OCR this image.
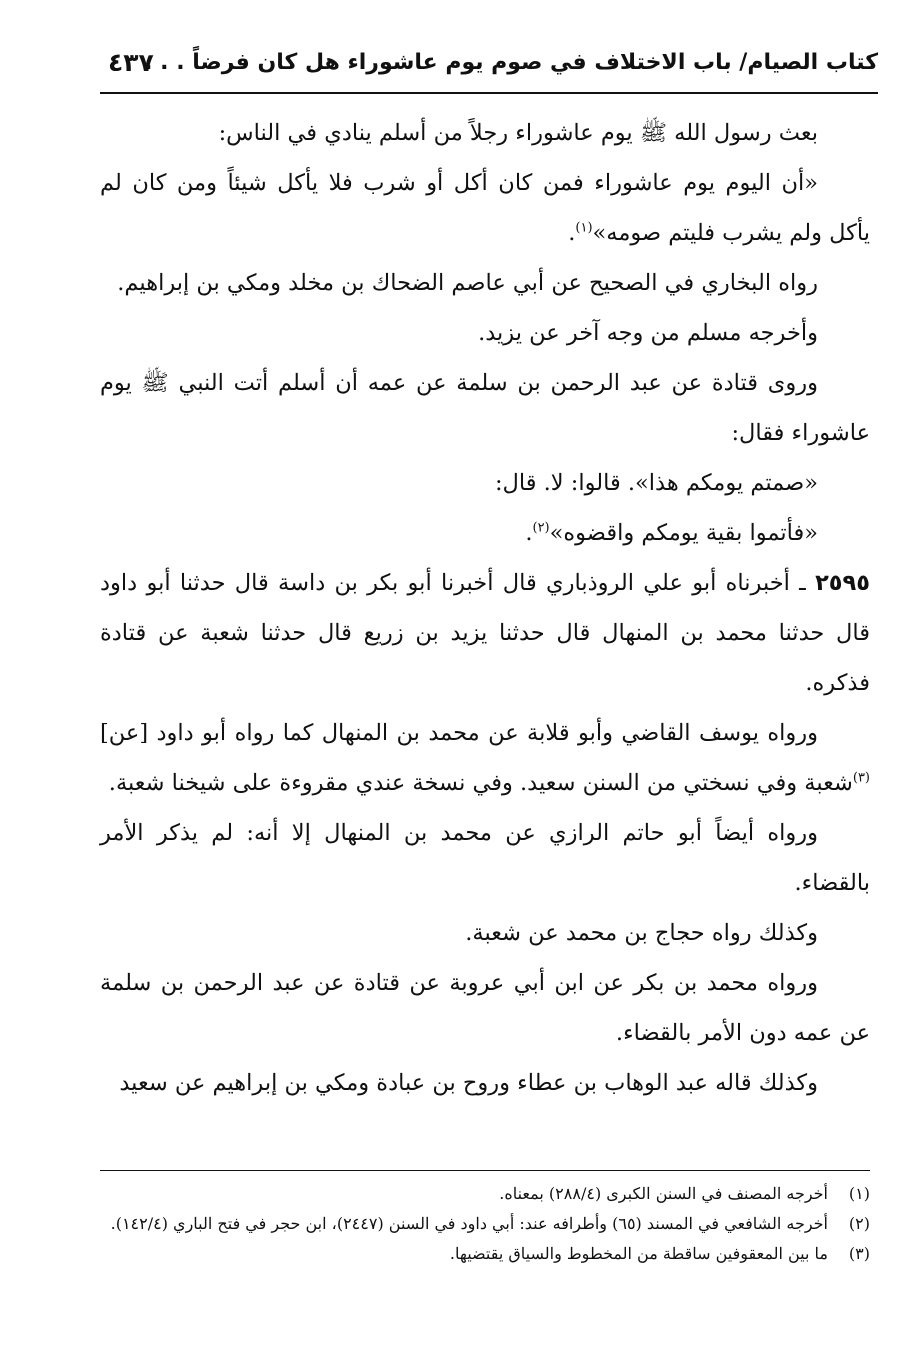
كتاب الصيام/ باب الاختلاف في صوم يوم عاشوراء هل كان فرضاً . . .
٤٣٧

بعث رسول الله ﷺ يوم عاشوراء رجلاً من أسلم ينادي في الناس:

«أن اليوم يوم عاشوراء فمن كان أكل أو شرب فلا يأكل شيئاً ومن كان لم يأكل ولم يشرب فليتم صومه»$^{(١)}$.

رواه البخاري في الصحيح عن أبي عاصم الضحاك بن مخلد ومكي بن إبراهيم.

وأخرجه مسلم من وجه آخر عن يزيد.

وروى قتادة عن عبد الرحمن بن سلمة عن عمه أن أسلم أتت النبي ﷺ يوم عاشوراء فقال:

«صمتم يومكم هذا». قالوا: لا. قال:

«فأتموا بقية يومكم واقضوه»$^{(٢)}$.

٢٥٩٥ ـ أخبرناه أبو علي الروذباري قال أخبرنا أبو بكر بن داسة قال حدثنا أبو داود قال حدثنا محمد بن المنهال قال حدثنا يزيد بن زريع قال حدثنا شعبة عن قتادة فذكره.

ورواه يوسف القاضي وأبو قلابة عن محمد بن المنهال كما رواه أبو داود [عن]$^{(٣)}$شعبة وفي نسختي من السنن سعيد. وفي نسخة عندي مقروءة على شيخنا شعبة.

ورواه أيضاً أبو حاتم الرازي عن محمد بن المنهال إلا أنه: لم يذكر الأمر بالقضاء.

وكذلك رواه حجاج بن محمد عن شعبة.

ورواه محمد بن بكر عن ابن أبي عروبة عن قتادة عن عبد الرحمن بن سلمة عن عمه دون الأمر بالقضاء.

وكذلك قاله عبد الوهاب بن عطاء وروح بن عبادة ومكي بن إبراهيم عن سعيد

(١)
أخرجه المصنف في السنن الكبرى (٢٨٨/٤) بمعناه.

(٢)
أخرجه الشافعي في المسند (٦٥) وأطرافه عند: أبي داود في السنن (٢٤٤٧)، ابن حجر في فتح الباري (١٤٢/٤).

(٣)
ما بين المعقوفين ساقطة من المخطوط والسياق يقتضيها.
